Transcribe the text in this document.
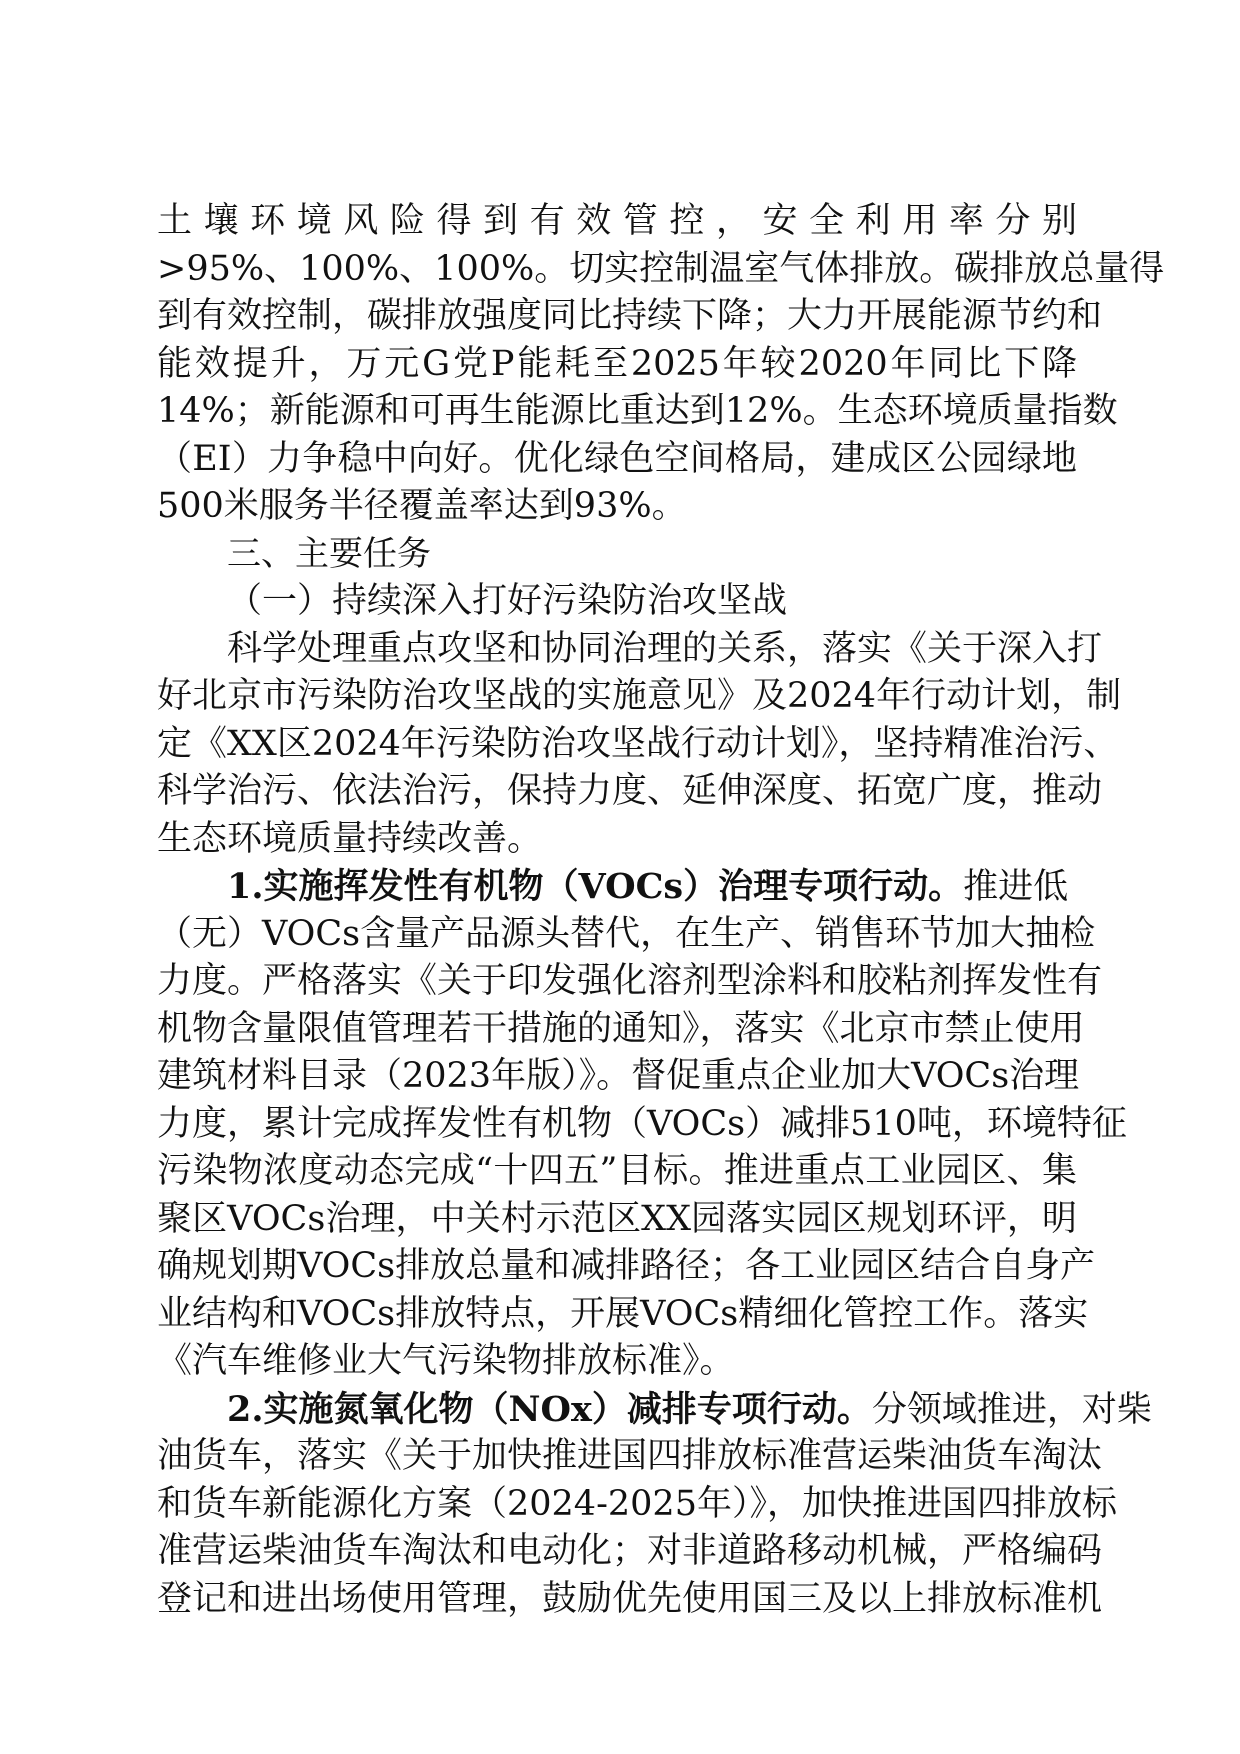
土壤环境风险得到有效管控，安全利用率分别
>95%、100%、100%。切实控制温室气体排放。碳排放总量得
到有效控制，碳排放强度同比持续下降；大力开展能源节约和
能效提升，万元G党P能耗至2025年较2020年同比下降
14%；新能源和可再生能源比重达到12%。生态环境质量指数
（EI）力争稳中向好。优化绿色空间格局，建成区公园绿地
500米服务半径覆盖率达到93%。
三、主要任务
（一）持续深入打好污染防治攻坚战
科学处理重点攻坚和协同治理的关系，落实《关于深入打
好北京市污染防治攻坚战的实施意见》及2024年行动计划，制
定《XX区2024年污染防治攻坚战行动计划》，坚持精准治污、
科学治污、依法治污，保持力度、延伸深度、拓宽广度，推动
生态环境质量持续改善。
1.实施挥发性有机物（VOCs）治理专项行动。推进低
（无）VOCs含量产品源头替代，在生产、销售环节加大抽检
力度。严格落实《关于印发强化溶剂型涂料和胶粘剂挥发性有
机物含量限值管理若干措施的通知》，落实《北京市禁止使用
建筑材料目录（2023年版）》。督促重点企业加大VOCs治理
力度，累计完成挥发性有机物（VOCs）减排510吨，环境特征
污染物浓度动态完成“十四五”目标。推进重点工业园区、集
聚区VOCs治理，中关村示范区XX园落实园区规划环评，明
确规划期VOCs排放总量和减排路径；各工业园区结合自身产
业结构和VOCs排放特点，开展VOCs精细化管控工作。落实
《汽车维修业大气污染物排放标准》。
2.实施氮氧化物（NOx）减排专项行动。分领域推进，对柴
油货车，落实《关于加快推进国四排放标准营运柴油货车淘汰
和货车新能源化方案（2024-2025年）》，加快推进国四排放标
准营运柴油货车淘汰和电动化；对非道路移动机械，严格编码
登记和进出场使用管理，鼓励优先使用国三及以上排放标准机
